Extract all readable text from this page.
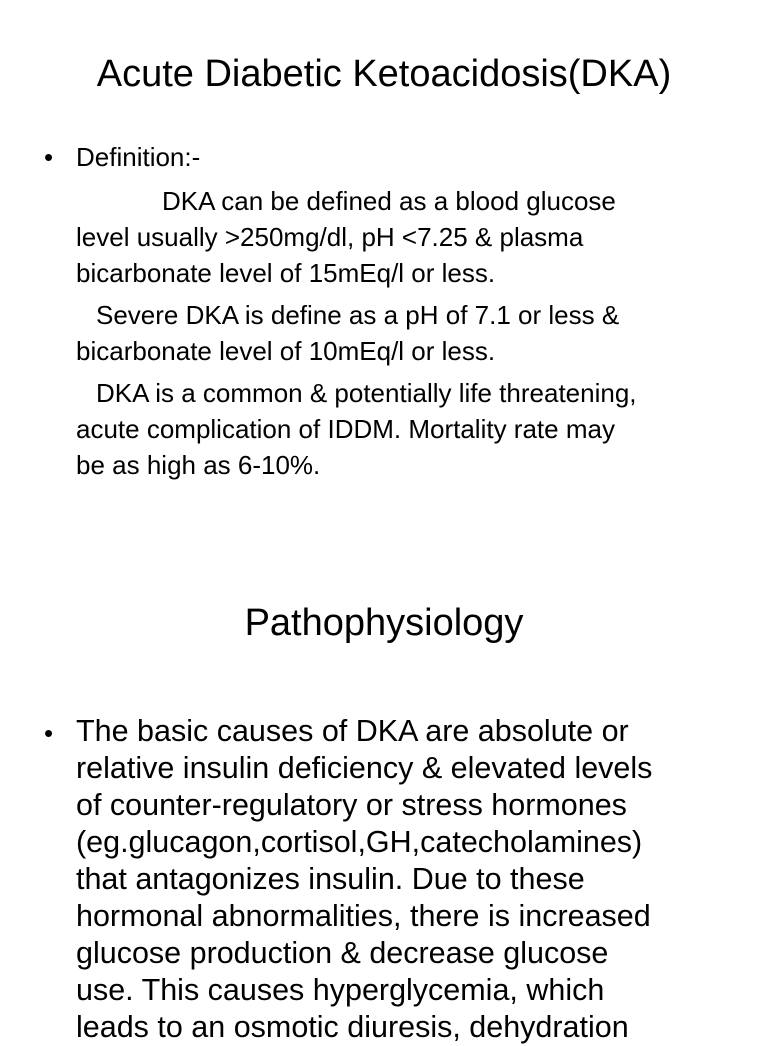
Acute Diabetic Ketoacidosis(DKA)
• Definition:-
DKA can be defined as a blood glucose
level usually >250mg/dl, pH <7.25 & plasma
bicarbonate level of 15mEq/l or less.
Severe DKA is define as a pH of 7.1 or less &
bicarbonate level of 10mEq/l or less.
DKA is a common & potentially life threatening,
acute complication of IDDM. Mortality rate may
be as high as 6-10%.
Pathophysiology
• The basic causes of DKA are absolute or
relative insulin deficiency & elevated levels
of counter-regulatory or stress hormones
(eg.glucagon,cortisol,GH,catecholamines)
that antagonizes insulin. Due to these
hormonal abnormalities, there is increased
glucose production & decrease glucose
use. This causes hyperglycemia, which
leads to an osmotic diuresis, dehydration
